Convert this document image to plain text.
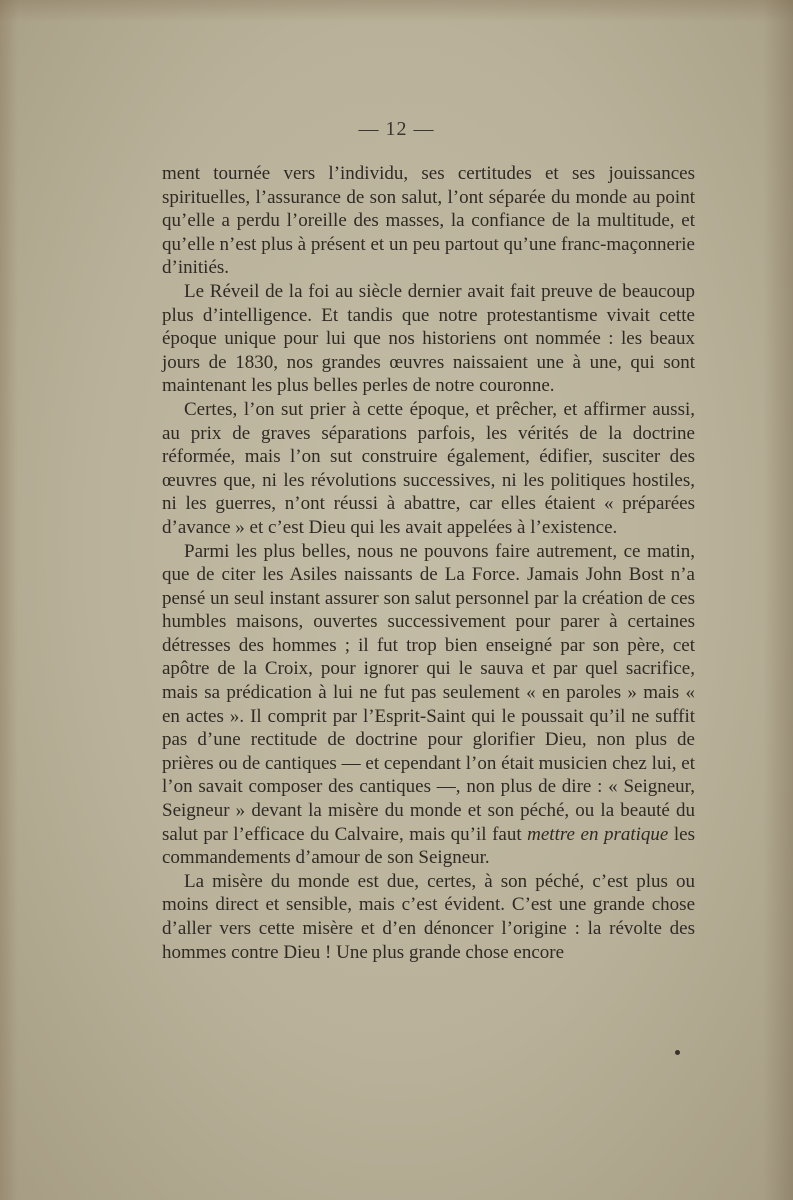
— 12 —

ment tournée vers l’individu, ses certitudes et ses jouissances spirituelles, l’assurance de son salut, l’ont séparée du monde au point qu’elle a perdu l’oreille des masses, la confiance de la multitude, et qu’elle n’est plus à présent et un peu partout qu’une franc-maçonnerie d’initiés.

Le Réveil de la foi au siècle dernier avait fait preuve de beaucoup plus d’intelligence. Et tandis que notre protestantisme vivait cette époque unique pour lui que nos historiens ont nommée : les beaux jours de 1830, nos grandes œuvres naissaient une à une, qui sont maintenant les plus belles perles de notre couronne.

Certes, l’on sut prier à cette époque, et prêcher, et affirmer aussi, au prix de graves séparations parfois, les vérités de la doctrine réformée, mais l’on sut construire également, édifier, susciter des œuvres que, ni les révolutions successives, ni les politiques hostiles, ni les guerres, n’ont réussi à abattre, car elles étaient « préparées d’avance » et c’est Dieu qui les avait appelées à l’existence.

Parmi les plus belles, nous ne pouvons faire autrement, ce matin, que de citer les Asiles naissants de La Force. Jamais John Bost n’a pensé un seul instant assurer son salut personnel par la création de ces humbles maisons, ouvertes successivement pour parer à certaines détresses des hommes ; il fut trop bien enseigné par son père, cet apôtre de la Croix, pour ignorer qui le sauva et par quel sacrifice, mais sa prédication à lui ne fut pas seulement « en paroles » mais « en actes ». Il comprit par l’Esprit-Saint qui le poussait qu’il ne suffit pas d’une rectitude de doctrine pour glorifier Dieu, non plus de prières ou de cantiques — et cependant l’on était musicien chez lui, et l’on savait composer des cantiques —, non plus de dire : « Seigneur, Seigneur » devant la misère du monde et son péché, ou la beauté du salut par l’efficace du Calvaire, mais qu’il faut mettre en pratique les commandements d’amour de son Seigneur.

La misère du monde est due, certes, à son péché, c’est plus ou moins direct et sensible, mais c’est évident. C’est une grande chose d’aller vers cette misère et d’en dénoncer l’origine : la révolte des hommes contre Dieu ! Une plus grande chose encore
